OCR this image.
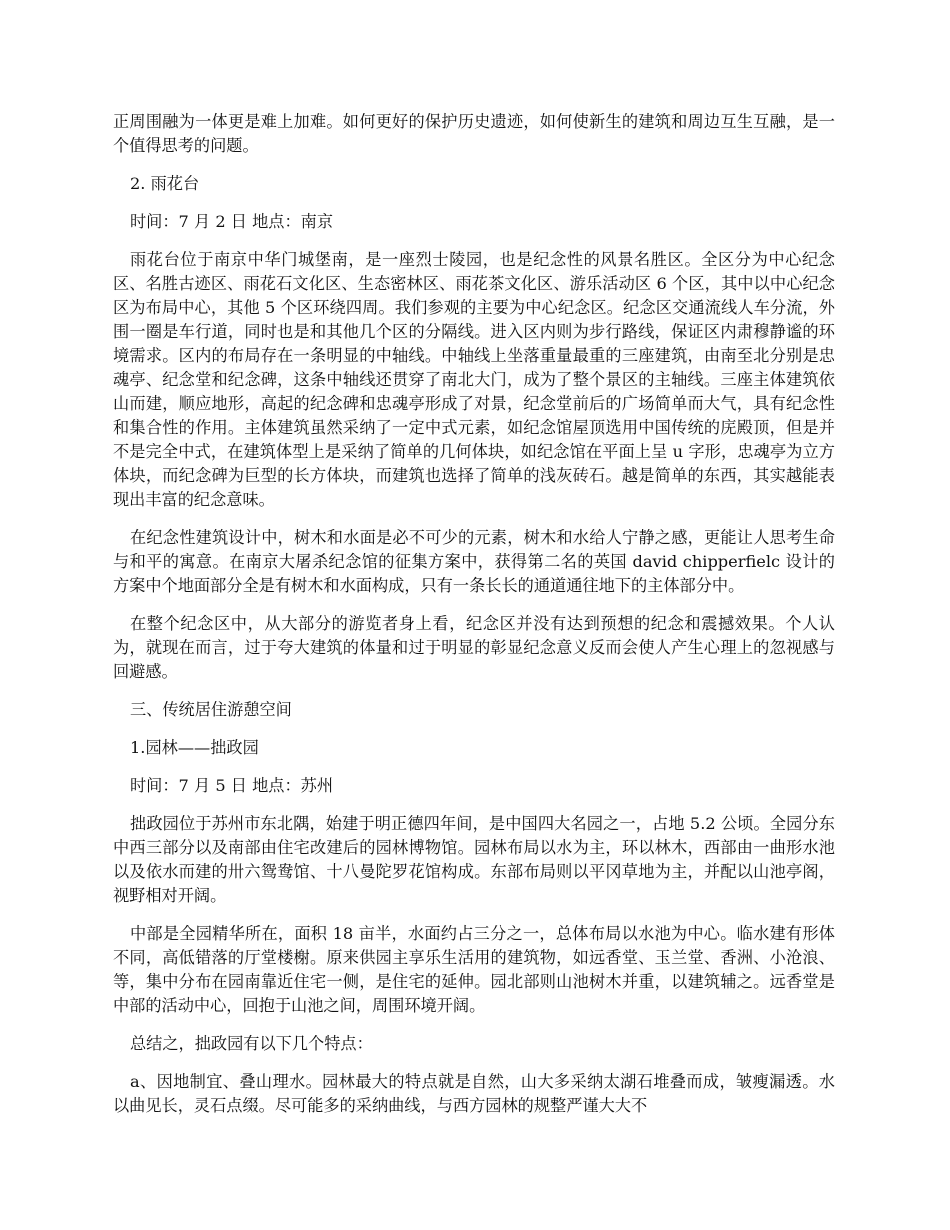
正周围融为一体更是难上加难。如何更好的保护历史遗迹，如何使新生的建筑和周边互生互融，是一个值得思考的问题。

2. 雨花台

时间：7 月 2 日 地点：南京

雨花台位于南京中华门城堡南，是一座烈士陵园，也是纪念性的风景名胜区。全区分为中心纪念区、名胜古迹区、雨花石文化区、生态密林区、雨花茶文化区、游乐活动区 6 个区，其中以中心纪念区为布局中心，其他 5 个区环绕四周。我们参观的主要为中心纪念区。纪念区交通流线人车分流，外围一圈是车行道，同时也是和其他几个区的分隔线。进入区内则为步行路线，保证区内肃穆静谧的环境需求。区内的布局存在一条明显的中轴线。中轴线上坐落重量最重的三座建筑，由南至北分别是忠魂亭、纪念堂和纪念碑，这条中轴线还贯穿了南北大门，成为了整个景区的主轴线。三座主体建筑依山而建，顺应地形，高起的纪念碑和忠魂亭形成了对景，纪念堂前后的广场简单而大气，具有纪念性和集合性的作用。主体建筑虽然采纳了一定中式元素，如纪念馆屋顶选用中国传统的庑殿顶，但是并不是完全中式，在建筑体型上是采纳了简单的几何体块，如纪念馆在平面上呈 u 字形，忠魂亭为立方体块，而纪念碑为巨型的长方体块，而建筑也选择了简单的浅灰砖石。越是简单的东西，其实越能表现出丰富的纪念意味。

在纪念性建筑设计中，树木和水面是必不可少的元素，树木和水给人宁静之感，更能让人思考生命与和平的寓意。在南京大屠杀纪念馆的征集方案中，获得第二名的英国 david chipperfielc 设计的方案中个地面部分全是有树木和水面构成，只有一条长长的通道通往地下的主体部分中。

在整个纪念区中，从大部分的游览者身上看，纪念区并没有达到预想的纪念和震撼效果。个人认为，就现在而言，过于夸大建筑的体量和过于明显的彰显纪念意义反而会使人产生心理上的忽视感与回避感。

三、传统居住游憩空间

1.园林——拙政园

时间：7 月 5 日 地点：苏州

拙政园位于苏州市东北隅，始建于明正德四年间，是中国四大名园之一，占地 5.2 公顷。全园分东中西三部分以及南部由住宅改建后的园林博物馆。园林布局以水为主，环以林木，西部由一曲形水池以及依水而建的卅六鸳鸯馆、十八曼陀罗花馆构成。东部布局则以平冈草地为主，并配以山池亭阁，视野相对开阔。

中部是全园精华所在，面积 18 亩半，水面约占三分之一，总体布局以水池为中心。临水建有形体不同，高低错落的厅堂楼榭。原来供园主享乐生活用的建筑物，如远香堂、玉兰堂、香洲、小沧浪、等，集中分布在园南靠近住宅一侧，是住宅的延伸。园北部则山池树木并重，以建筑辅之。远香堂是中部的活动中心，回抱于山池之间，周围环境开阔。

总结之，拙政园有以下几个特点：

a、因地制宜、叠山理水。园林最大的特点就是自然，山大多采纳太湖石堆叠而成，皱瘦漏透。水以曲见长，灵石点缀。尽可能多的采纳曲线，与西方园林的规整严谨大大不
